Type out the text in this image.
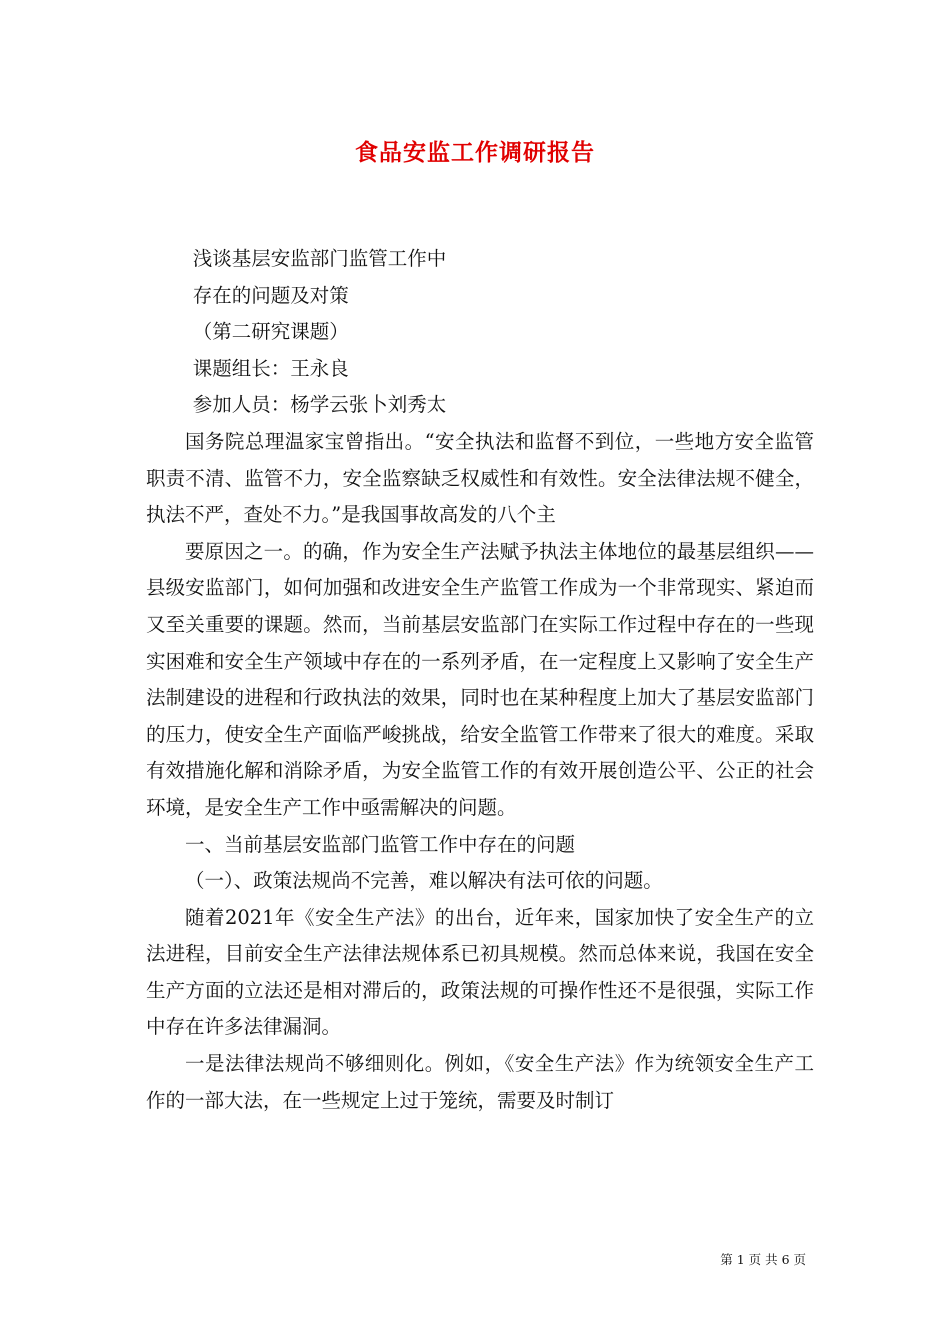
食品安监工作调研报告

浅谈基层安监部门监管工作中

存在的问题及对策

（第二研究课题）

课题组长：王永良

参加人员：杨学云张卜刘秀太

国务院总理温家宝曾指出。“安全执法和监督不到位，一些地方安全监管职责不清、监管不力，安全监察缺乏权威性和有效性。安全法律法规不健全，执法不严，查处不力。”是我国事故高发的八个主

要原因之一。的确，作为安全生产法赋予执法主体地位的最基层组织——县级安监部门，如何加强和改进安全生产监管工作成为一个非常现实、紧迫而又至关重要的课题。然而，当前基层安监部门在实际工作过程中存在的一些现实困难和安全生产领域中存在的一系列矛盾，在一定程度上又影响了安全生产法制建设的进程和行政执法的效果，同时也在某种程度上加大了基层安监部门的压力，使安全生产面临严峻挑战，给安全监管工作带来了很大的难度。采取有效措施化解和消除矛盾，为安全监管工作的有效开展创造公平、公正的社会环境，是安全生产工作中亟需解决的问题。

一、当前基层安监部门监管工作中存在的问题

（一）、政策法规尚不完善，难以解决有法可依的问题。

随着2021年《安全生产法》的出台，近年来，国家加快了安全生产的立法进程，目前安全生产法律法规体系已初具规模。然而总体来说，我国在安全生产方面的立法还是相对滞后的，政策法规的可操作性还不是很强，实际工作中存在许多法律漏洞。

一是法律法规尚不够细则化。例如，《安全生产法》作为统领安全生产工作的一部大法，在一些规定上过于笼统，需要及时制订

第 1 页 共 6 页
